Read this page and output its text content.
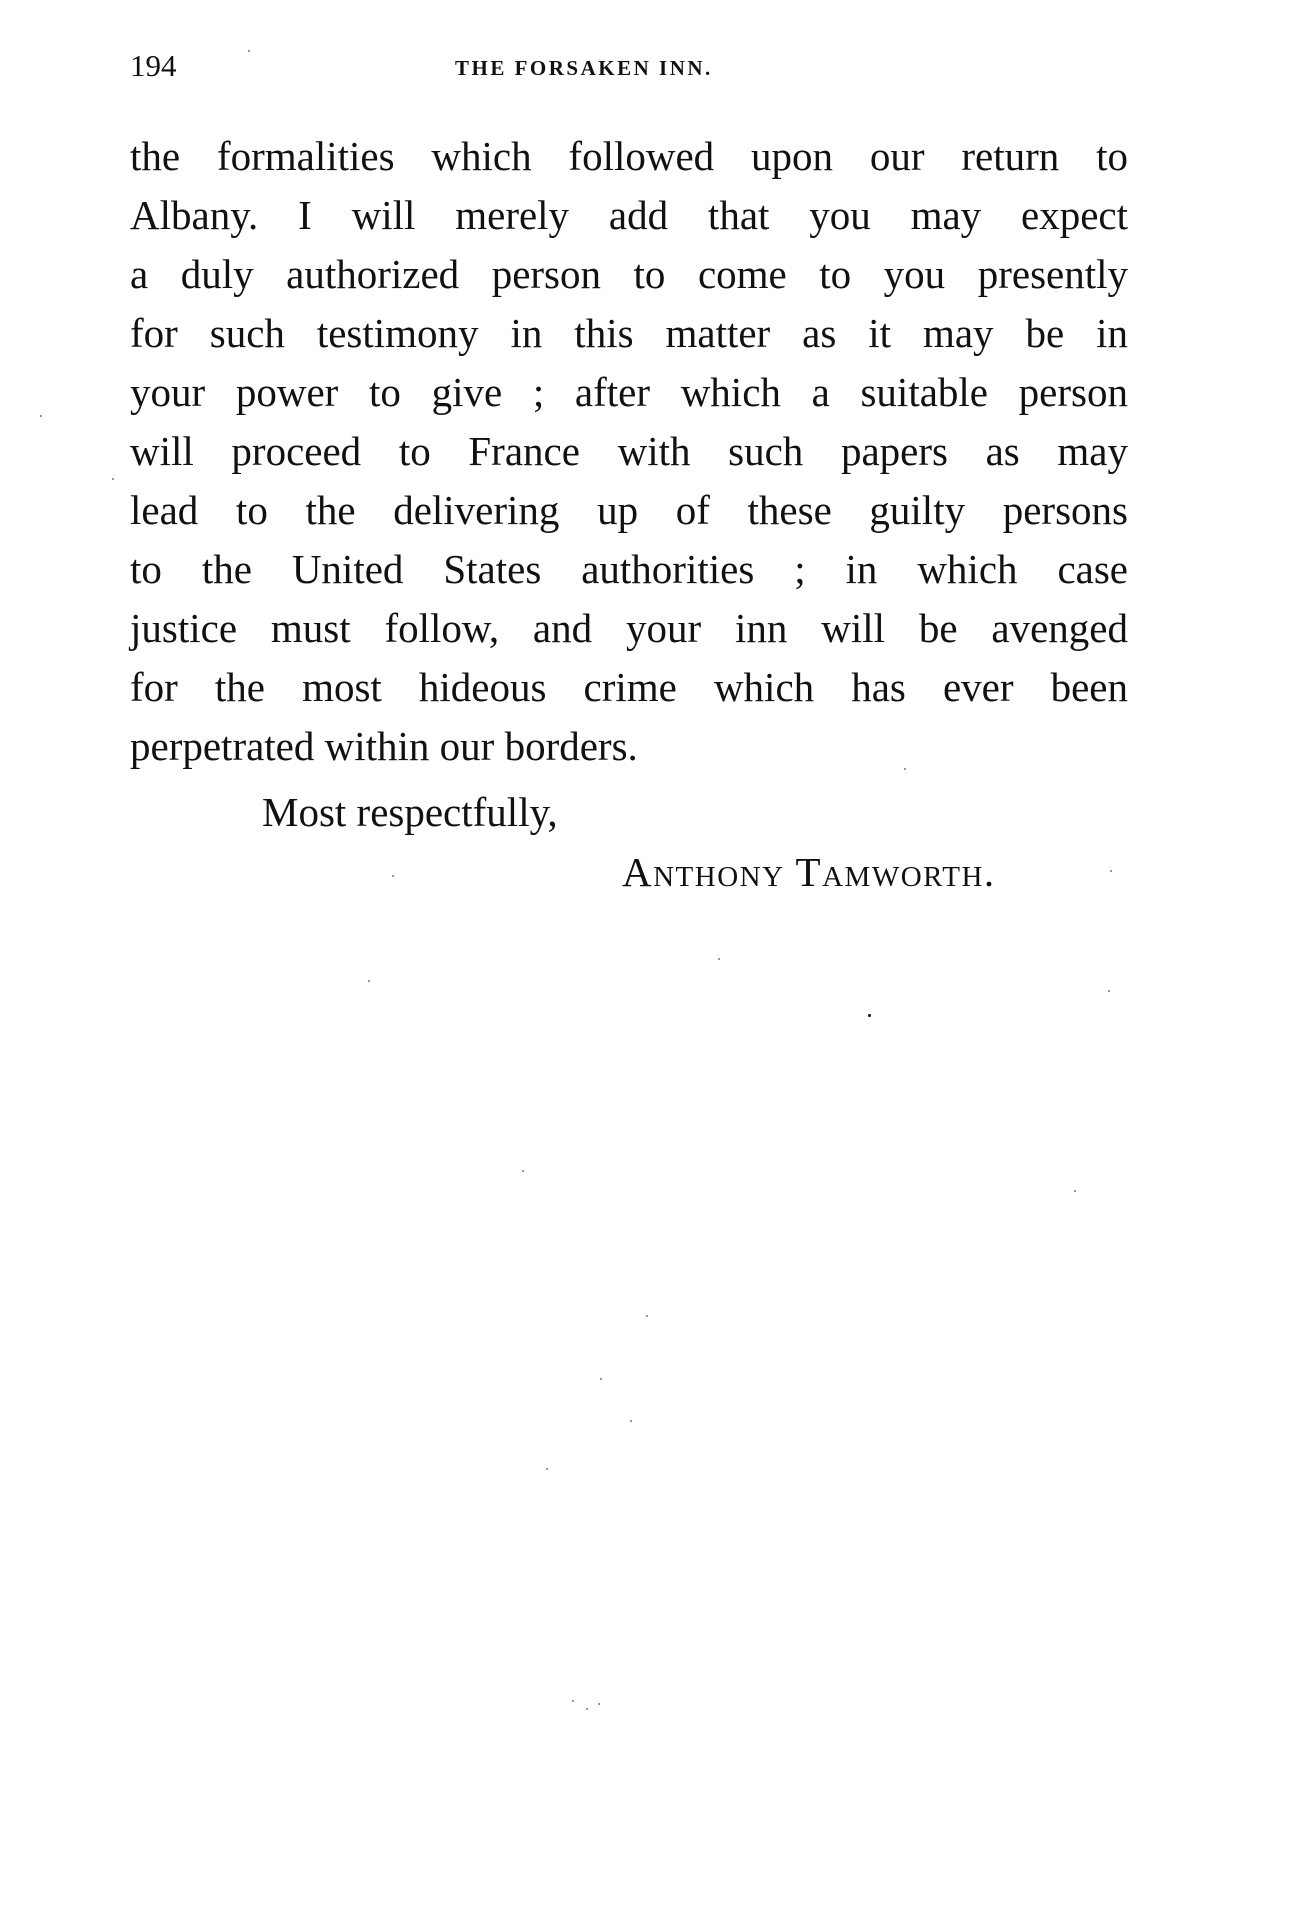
194	THE FORSAKEN INN.
the formalities which followed upon our return to
Albany. I will merely add that you may expect
a duly authorized person to come to you presently
for such testimony in this matter as it may be in
your power to give ; after which a suitable person
will proceed to France with such papers as may
lead to the delivering up of these guilty persons
to the United States authorities ; in which case
justice must follow, and your inn will be avenged
for the most hideous crime which has ever been
perpetrated within our borders.
Most respectfully,
Anthony Tamworth.
